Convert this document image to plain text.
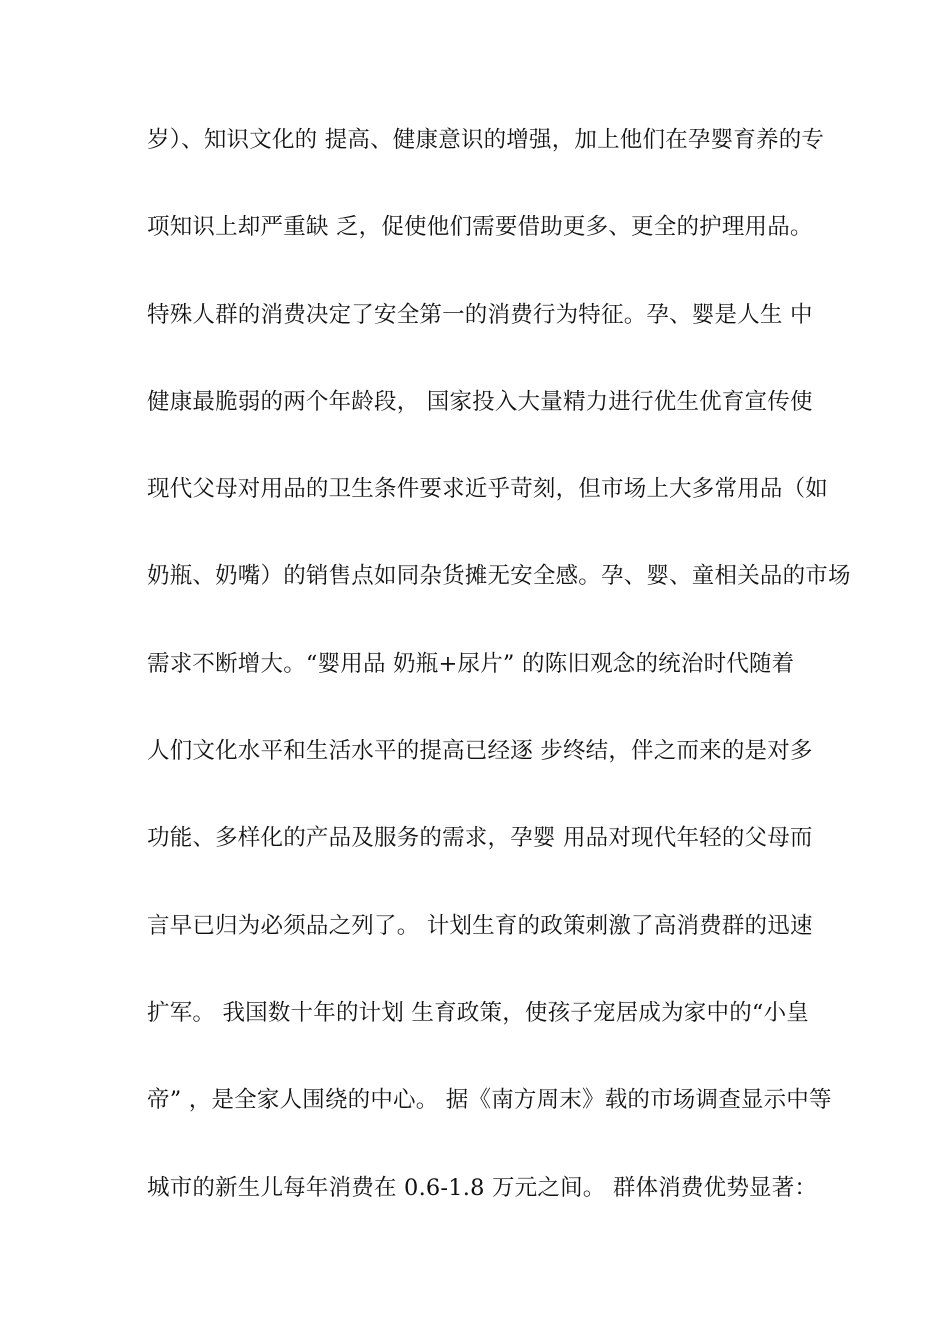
岁）、知识文化的 提高、健康意识的增强，加上他们在孕婴育养的专
项知识上却严重缺 乏，促使他们需要借助更多、更全的护理用品。
特殊人群的消费决定了安全第一的消费行为特征。孕、婴是人生 中
健康最脆弱的两个年龄段， 国家投入大量精力进行优生优育宣传使
现代父母对用品的卫生条件要求近乎苛刻，但市场上大多常用品（如
奶瓶、奶嘴）的销售点如同杂货摊无安全感。孕、婴、童相关品的市场
需求不断增大。“婴用品 奶瓶+尿片” 的陈旧观念的统治时代随着
人们文化水平和生活水平的提高已经逐 步终结，伴之而来的是对多
功能、多样化的产品及服务的需求，孕婴 用品对现代年轻的父母而
言早已归为必须品之列了。 计划生育的政策刺激了高消费群的迅速
扩军。 我国数十年的计划 生育政策，使孩子宠居成为家中的“小皇
帝” ，是全家人围绕的中心。 据《南方周末》载的市场调查显示中等
城市的新生儿每年消费在 0.6-1.8 万元之间。 群体消费优势显著：
